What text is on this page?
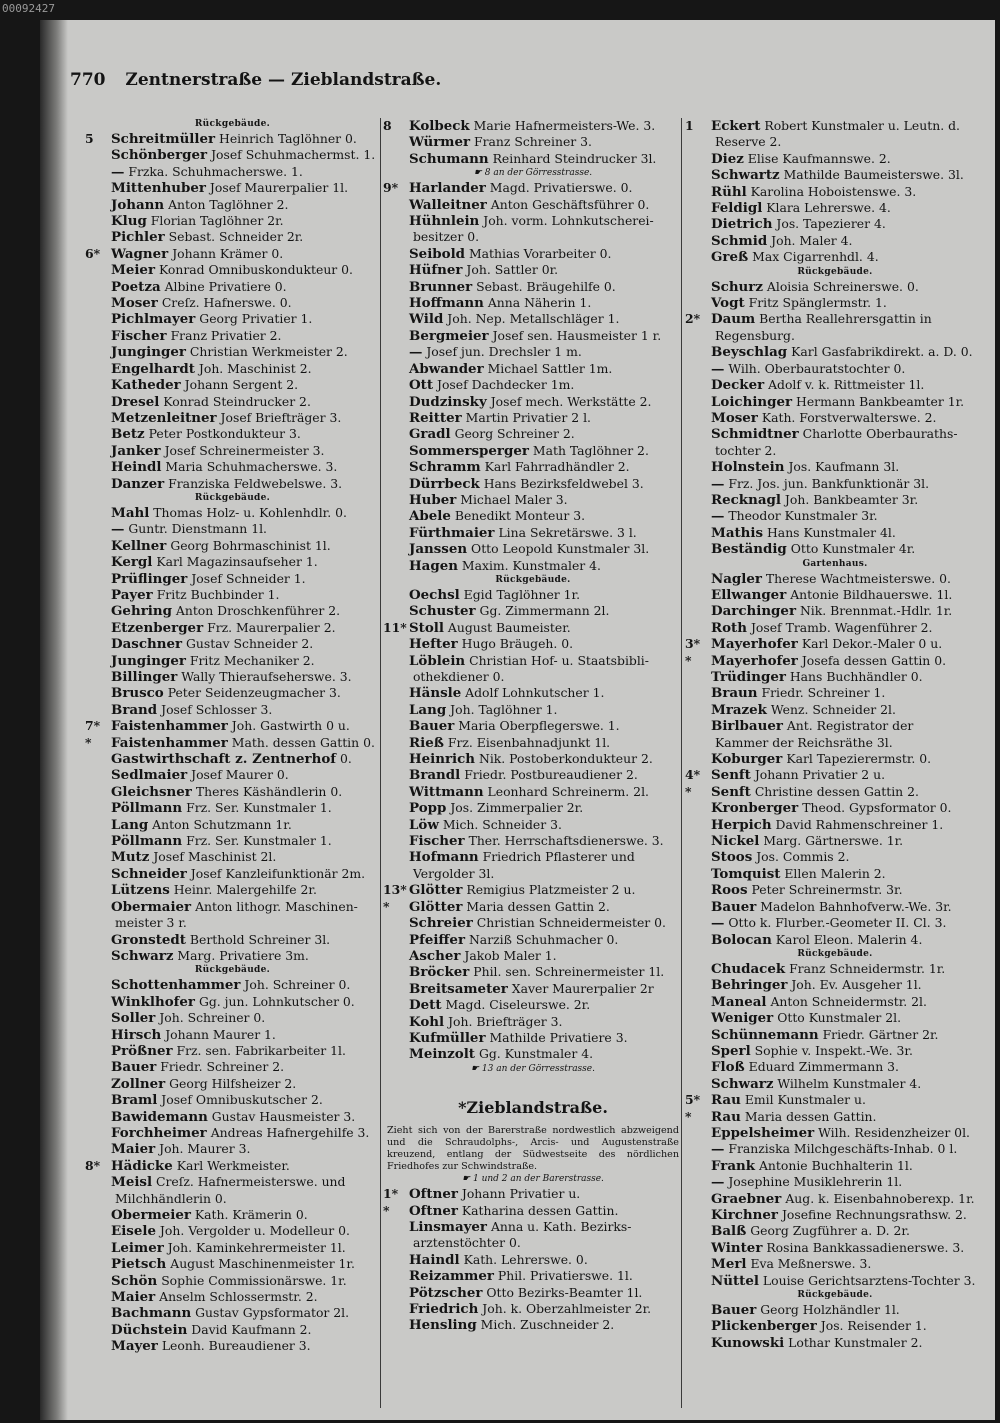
770 Zentnerstraße — Zieblandstraße.
Rückgebäude.
5 Schreitmüller Heinrich Taglöhner 0.
Schönberger Josef Schuhmachermst. 1.
— Frzka. Schuhmacherswe. 1.
Mittenhuber Josef Maurerpalier 1l.
Johann Anton Taglöhner 2.
Klug Florian Taglöhner 2r.
Pichler Sebast. Schneider 2r.
6* Wagner Johann Krämer 0.
Meier Konrad Omnibuskondukteur 0.
Poetza Albine Privatiere 0.
Moser Creſz. Hafnerswe. 0.
Pichlmayer Georg Privatier 1.
Fischer Franz Privatier 2.
Junginger Christian Werkmeister 2.
Engelhardt Joh. Maschinist 2.
Katheder Johann Sergent 2.
Dresel Konrad Steindrucker 2.
Metzenleitner Josef Briefträger 3.
Betz Peter Postkondukteur 3.
Janker Josef Schreinermeister 3.
Heindl Maria Schuhmacherswe. 3.
Danzer Franziska Feldwebelswe. 3.
Rückgebäude.
Mahl Thomas Holz- u. Kohlenhdlr. 0.
— Guntr. Dienstmann 1l.
Kellner Georg Bohrmaschinist 1l.
Kergl Karl Magazinsaufseher 1.
Prüflinger Josef Schneider 1.
Payer Fritz Buchbinder 1.
Gehring Anton Droschkenführer 2.
Etzenberger Frz. Maurerpalier 2.
Daschner Gustav Schneider 2.
Junginger Fritz Mechaniker 2.
Billinger Wally Thieraufseherswe. 3.
Brusco Peter Seidenzeugmacher 3.
Brand Josef Schlosser 3.
7* Faistenhammer Joh. Gastwirth 0 u.
* Faistenhammer Math. dessen Gattin 0.
Gastwirthschaft z. Zentnerhof 0.
Sedlmaier Josef Maurer 0.
Gleichsner Theres Käshändlerin 0.
Pöllmann Frz. Ser. Kunstmaler 1.
Lang Anton Schutzmann 1r.
Pöllmann Frz. Ser. Kunstmaler 1.
Mutz Josef Maschinist 2l.
Schneider Josef Kanzleifunktionär 2m.
Lützens Heinr. Malergehilfe 2r.
Obermaier Anton lithogr. Maschinen-
meister 3 r.
Gronstedt Berthold Schreiner 3l.
Schwarz Marg. Privatiere 3m.
Rückgebäude.
Schottenhammer Joh. Schreiner 0.
Winklhofer Gg. jun. Lohnkutscher 0.
Soller Joh. Schreiner 0.
Hirsch Johann Maurer 1.
Prößner Frz. sen. Fabrikarbeiter 1l.
Bauer Friedr. Schreiner 2.
Zollner Georg Hilfsheizer 2.
Braml Josef Omnibuskutscher 2.
Bawidemann Gustav Hausmeister 3.
Forchheimer Andreas Hafnergehilfe 3.
Maier Joh. Maurer 3.
8* Hädicke Karl Werkmeister.
Meisl Creſz. Hafnermeisterswe. und
Milchhändlerin 0.
Obermeier Kath. Krämerin 0.
Eisele Joh. Vergolder u. Modelleur 0.
Leimer Joh. Kaminkehrermeister 1l.
Pietsch August Maschinenmeister 1r.
Schön Sophie Commissionärswe. 1r.
Maier Anselm Schlossermstr. 2.
Bachmann Gustav Gypsformator 2l.
Düchstein David Kaufmann 2.
Mayer Leonh. Bureaudiener 3.
8 Kolbeck Marie Hafnermeisters-We. 3.
Würmer Franz Schreiner 3.
Schumann Reinhard Steindrucker 3l.
☛ 8 an der Görresstrasse.
9* Harlander Magd. Privatierswe. 0.
Walleitner Anton Geschäftsführer 0.
Hühnlein Joh. vorm. Lohnkutscherei-
besitzer 0.
Seibold Mathias Vorarbeiter 0.
Hüfner Joh. Sattler 0r.
Brunner Sebast. Bräugehilfe 0.
Hoffmann Anna Näherin 1.
Wild Joh. Nep. Metallschläger 1.
Bergmeier Josef sen. Hausmeister 1 r.
— Josef jun. Drechsler 1 m.
Abwander Michael Sattler 1m.
Ott Josef Dachdecker 1m.
Dudzinsky Josef mech. Werkstätte 2.
Reitter Martin Privatier 2 l.
Gradl Georg Schreiner 2.
Sommersperger Math Taglöhner 2.
Schramm Karl Fahrradhändler 2.
Dürrbeck Hans Bezirksfeldwebel 3.
Huber Michael Maler 3.
Abele Benedikt Monteur 3.
Fürthmaier Lina Sekretärswe. 3 l.
Janssen Otto Leopold Kunstmaler 3l.
Hagen Maxim. Kunstmaler 4.
Rückgebäude.
Oechsl Egid Taglöhner 1r.
Schuster Gg. Zimmermann 2l.
11* Stoll August Baumeister.
Hefter Hugo Bräugeh. 0.
Löblein Christian Hof- u. Staatsbibli-
othekdiener 0.
Hänsle Adolf Lohnkutscher 1.
Lang Joh. Taglöhner 1.
Bauer Maria Oberpflegerswe. 1.
Rieß Frz. Eisenbahnadjunkt 1l.
Heinrich Nik. Postoberkondukteur 2.
Brandl Friedr. Postbureaudiener 2.
Wittmann Leonhard Schreinerm. 2l.
Popp Jos. Zimmerpalier 2r.
Löw Mich. Schneider 3.
Fischer Ther. Herrschaftsdienerswe. 3.
Hofmann Friedrich Pflasterer und
Vergolder 3l.
13* Glötter Remigius Platzmeister 2 u.
* Glötter Maria dessen Gattin 2.
Schreier Christian Schneidermeister 0.
Pfeiffer Narziß Schuhmacher 0.
Ascher Jakob Maler 1.
Bröcker Phil. sen. Schreinermeister 1l.
Breitsameter Xaver Maurerpalier 2r
Dett Magd. Ciseleurswe. 2r.
Kohl Joh. Briefträger 3.
Kufmüller Mathilde Privatiere 3.
Meinzolt Gg. Kunstmaler 4.
☛ 13 an der Görresstrasse.
*Zieblandstraße.
Zieht sich von der Barerstraße nordwestlich abzweigend und die Schraudolphs-, Arcis- und Augustenstraße kreuzend, entlang der Südwestseite des nördlichen Friedhofes zur Schwindstraße.
☛ 1 und 2 an der Barerstrasse.
1* Oftner Johann Privatier u.
* Oftner Katharina dessen Gattin.
Linsmayer Anna u. Kath. Bezirks-
arztenstöchter 0.
Haindl Kath. Lehrerswe. 0.
Reizammer Phil. Privatierswe. 1l.
Pötzscher Otto Bezirks-Beamter 1l.
Friedrich Joh. k. Oberzahlmeister 2r.
Hensling Mich. Zuschneider 2.
1 Eckert Robert Kunstmaler u. Leutn. d.
Reserve 2.
Diez Elise Kaufmannswe. 2.
Schwartz Mathilde Baumeisterswe. 3l.
Rühl Karolina Hoboistenswe. 3.
Feldigl Klara Lehrerswe. 4.
Dietrich Jos. Tapezierer 4.
Schmid Joh. Maler 4.
Greß Max Cigarrenhdl. 4.
Rückgebäude.
Schurz Aloisia Schreinerswe. 0.
Vogt Fritz Spänglermstr. 1.
2* Daum Bertha Reallehrersgattin in
Regensburg.
Beyschlag Karl Gasfabrikdirekt. a. D. 0.
— Wilh. Oberbauratstochter 0.
Decker Adolf v. k. Rittmeister 1l.
Loichinger Hermann Bankbeamter 1r.
Moser Kath. Forstverwalterswe. 2.
Schmidtner Charlotte Oberbauraths-
tochter 2.
Holnstein Jos. Kaufmann 3l.
— Frz. Jos. jun. Bankfunktionär 3l.
Recknagl Joh. Bankbeamter 3r.
— Theodor Kunstmaler 3r.
Mathis Hans Kunstmaler 4l.
Beständig Otto Kunstmaler 4r.
Gartenhaus.
Nagler Therese Wachtmeisterswe. 0.
Ellwanger Antonie Bildhauerswe. 1l.
Darchinger Nik. Brennmat.-Hdlr. 1r.
Roth Josef Tramb. Wagenführer 2.
3* Mayerhofer Karl Dekor.-Maler 0 u.
* Mayerhofer Josefa dessen Gattin 0.
Trüdinger Hans Buchhändler 0.
Braun Friedr. Schreiner 1.
Mrazek Wenz. Schneider 2l.
Birlbauer Ant. Registrator der
Kammer der Reichsräthe 3l.
Koburger Karl Tapezierermstr. 0.
4* Senft Johann Privatier 2 u.
* Senft Christine dessen Gattin 2.
Kronberger Theod. Gypsformator 0.
Herpich David Rahmenschreiner 1.
Nickel Marg. Gärtnerswe. 1r.
Stoos Jos. Commis 2.
Tomquist Ellen Malerin 2.
Roos Peter Schreinermstr. 3r.
Bauer Madelon Bahnhofverw.-We. 3r.
— Otto k. Flurber.-Geometer II. Cl. 3.
Bolocan Karol Eleon. Malerin 4.
Rückgebäude.
Chudacek Franz Schneidermstr. 1r.
Behringer Joh. Ev. Ausgeher 1l.
Maneal Anton Schneidermstr. 2l.
Weniger Otto Kunstmaler 2l.
Schünnemann Friedr. Gärtner 2r.
Sperl Sophie v. Inspekt.-We. 3r.
Floß Eduard Zimmermann 3.
Schwarz Wilhelm Kunstmaler 4.
5* Rau Emil Kunstmaler u.
* Rau Maria dessen Gattin.
Eppelsheimer Wilh. Residenzheizer 0l.
— Franziska Milchgeschäfts-Inhab. 0 l.
Frank Antonie Buchhalterin 1l.
— Josephine Musiklehrerin 1l.
Graebner Aug. k. Eisenbahnoberexp. 1r.
Kirchner Josefine Rechnungsrathsw. 2.
Balß Georg Zugführer a. D. 2r.
Winter Rosina Bankkassadienerswe. 3.
Merl Eva Meßnerswe. 3.
Nüttel Louise Gerichtsarztens-Tochter 3.
Rückgebäude.
Bauer Georg Holzhändler 1l.
Plickenberger Jos. Reisender 1.
Kunowski Lothar Kunstmaler 2.
00092427
